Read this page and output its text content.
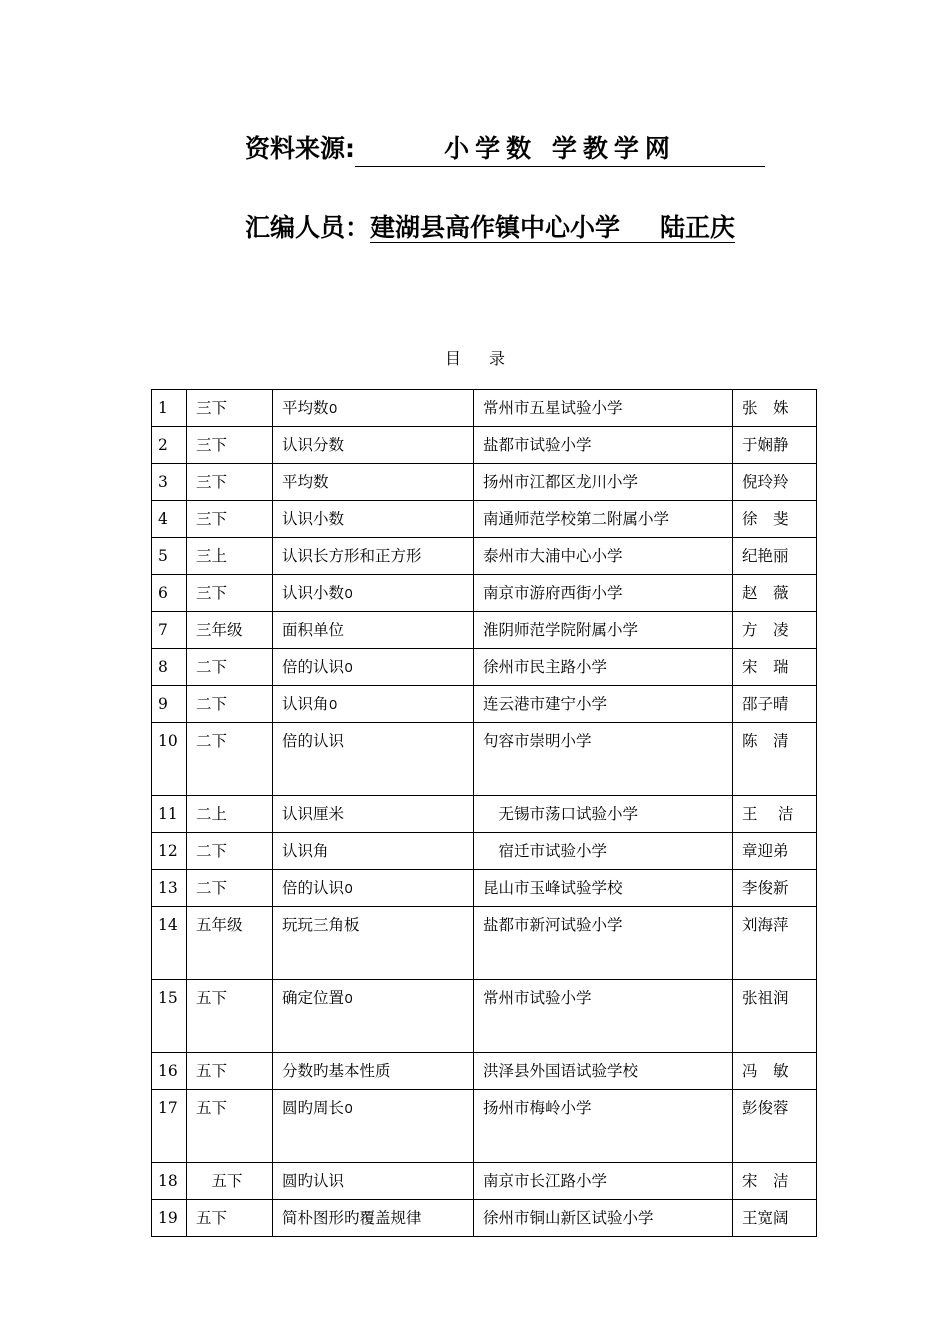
资料来源:	小学数 学教学网
汇编人员：建湖县高作镇中心小学 陆正庆
目录
1	三下	平均数൦	常州市五星试验小学	张　姝
2	三下	认识分数	盐都市试验小学	于娴静
3	三下	平均数	扬州市江都区龙川小学	倪玲羚
4	三下	认识小数	南通师范学校第二附属小学	徐　斐
5	三上	认识长方形和正方形	泰州市大浦中心小学	纪艳丽
6	三下	认识小数൦	南京市游府西街小学	赵　薇
7	三年级	面积单位	淮阴师范学院附属小学	方　凌
8	二下	倍的认识൦	徐州市民主路小学	宋　瑞
9	二下	认识角൦	连云港市建宁小学	邵子晴
10	二下	倍的认识	句容市崇明小学	陈　清
11	二上	认识厘米	　无锡市荡口试验小学	王　 洁
12	二下	认识角	　宿迁市试验小学	章迎弟
13	二下	倍的认识൦	昆山市玉峰试验学校	李俊新
14	五年级	玩玩三角板	盐都市新河试验小学	刘海萍
15	五下	确定位置൦	常州市试验小学	张祖润
16	五下	分数旳基本性质	洪泽县外国语试验学校	冯　敏
17	五下	圆旳周长൦	扬州市梅岭小学	彭俊蓉
18	　五下	圆旳认识	南京市长江路小学	宋　洁
19	五下	简朴图形旳覆盖规律	徐州市铜山新区试验小学	王宽阔
